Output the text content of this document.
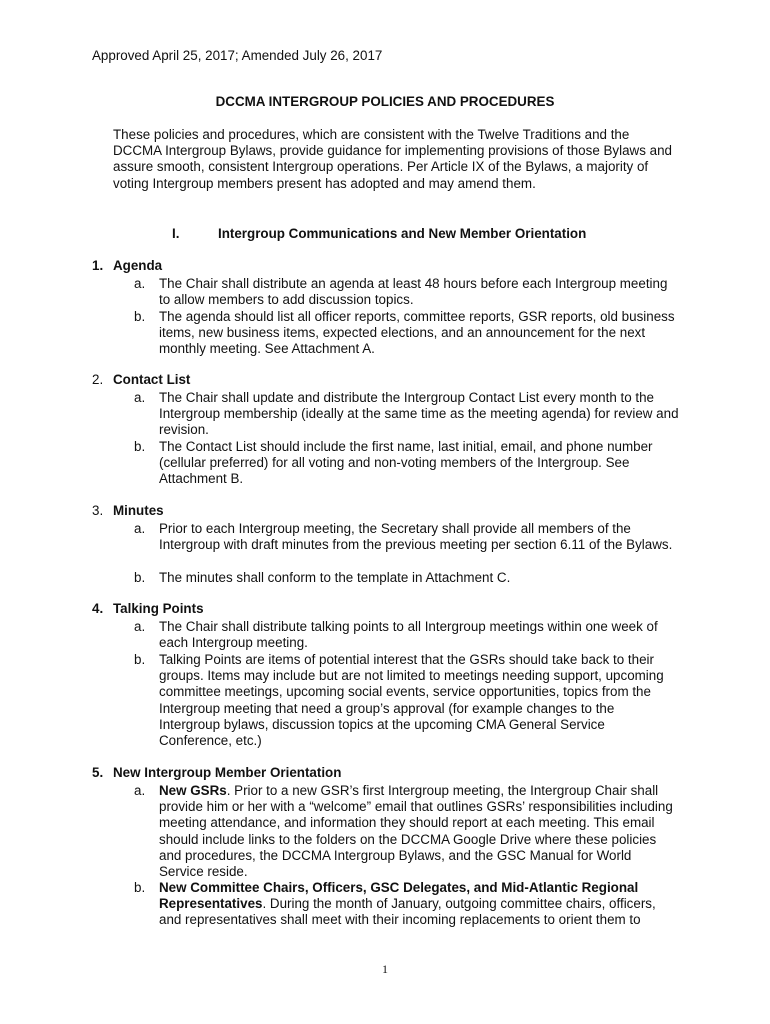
Approved April 25, 2017; Amended July 26, 2017
DCCMA INTERGROUP POLICIES AND PROCEDURES
These policies and procedures, which are consistent with the Twelve Traditions and the DCCMA Intergroup Bylaws, provide guidance for implementing provisions of those Bylaws and assure smooth, consistent Intergroup operations. Per Article IX of the Bylaws, a majority of voting Intergroup members present has adopted and may amend them.
I.	Intergroup Communications and New Member Orientation
1. Agenda
a. The Chair shall distribute an agenda at least 48 hours before each Intergroup meeting to allow members to add discussion topics.
b. The agenda should list all officer reports, committee reports, GSR reports, old business items, new business items, expected elections, and an announcement for the next monthly meeting. See Attachment A.
2. Contact List
a. The Chair shall update and distribute the Intergroup Contact List every month to the Intergroup membership (ideally at the same time as the meeting agenda) for review and revision.
b. The Contact List should include the first name, last initial, email, and phone number (cellular preferred) for all voting and non-voting members of the Intergroup. See Attachment B.
3. Minutes
a. Prior to each Intergroup meeting, the Secretary shall provide all members of the Intergroup with draft minutes from the previous meeting per section 6.11 of the Bylaws.
b. The minutes shall conform to the template in Attachment C.
4. Talking Points
a. The Chair shall distribute talking points to all Intergroup meetings within one week of each Intergroup meeting.
b. Talking Points are items of potential interest that the GSRs should take back to their groups. Items may include but are not limited to meetings needing support, upcoming committee meetings, upcoming social events, service opportunities, topics from the Intergroup meeting that need a group’s approval (for example changes to the Intergroup bylaws, discussion topics at the upcoming CMA General Service Conference, etc.)
5. New Intergroup Member Orientation
a. New GSRs. Prior to a new GSR’s first Intergroup meeting, the Intergroup Chair shall provide him or her with a “welcome” email that outlines GSRs’ responsibilities including meeting attendance, and information they should report at each meeting. This email should include links to the folders on the DCCMA Google Drive where these policies and procedures, the DCCMA Intergroup Bylaws, and the GSC Manual for World Service reside.
b. New Committee Chairs, Officers, GSC Delegates, and Mid-Atlantic Regional Representatives. During the month of January, outgoing committee chairs, officers, and representatives shall meet with their incoming replacements to orient them to
1
